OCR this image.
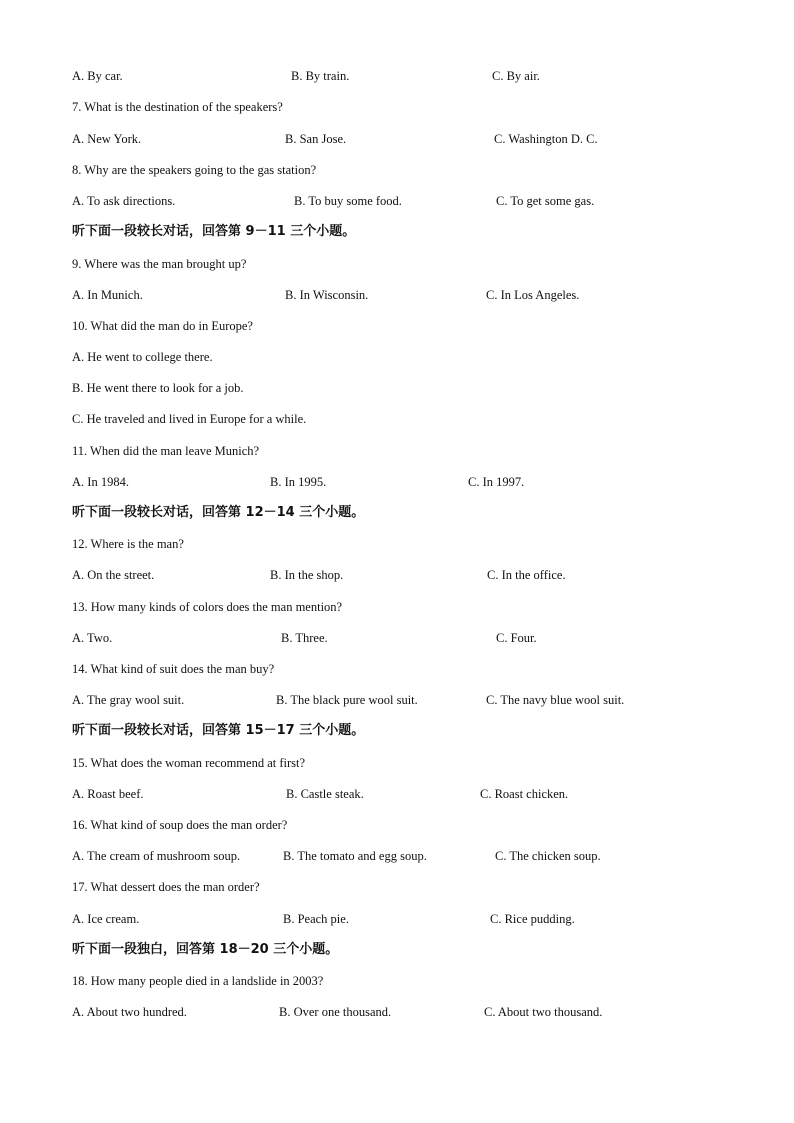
A. By car.	B. By train.	C. By air.
7. What is the destination of the speakers?
A. New York.	B. San Jose.	C. Washington D. C.
8. Why are the speakers going to the gas station?
A. To ask directions.	B. To buy some food.	C. To get some gas.
听下面一段较长对话，回答第 9－11 三个小题。
9. Where was the man brought up?
A. In Munich.	B. In Wisconsin.	C. In Los Angeles.
10. What did the man do in Europe?
A. He went to college there.
B. He went there to look for a job.
C. He traveled and lived in Europe for a while.
11. When did the man leave Munich?
A. In 1984.	B. In 1995.	C. In 1997.
听下面一段较长对话，回答第 12－14 三个小题。
12. Where is the man?
A. On the street.	B. In the shop.	C. In the office.
13. How many kinds of colors does the man mention?
A. Two.	B. Three.	C. Four.
14. What kind of suit does the man buy?
A. The gray wool suit.	B. The black pure wool suit.	C. The navy blue wool suit.
听下面一段较长对话，回答第 15－17 三个小题。
15. What does the woman recommend at first?
A. Roast beef.	B. Castle steak.	C. Roast chicken.
16. What kind of soup does the man order?
A. The cream of mushroom soup.	B. The tomato and egg soup.	C. The chicken soup.
17. What dessert does the man order?
A. Ice cream.	B. Peach pie.	C. Rice pudding.
听下面一段独白，回答第 18－20 三个小题。
18. How many people died in a landslide in 2003?
A. About two hundred.	B. Over one thousand.	C. About two thousand.
